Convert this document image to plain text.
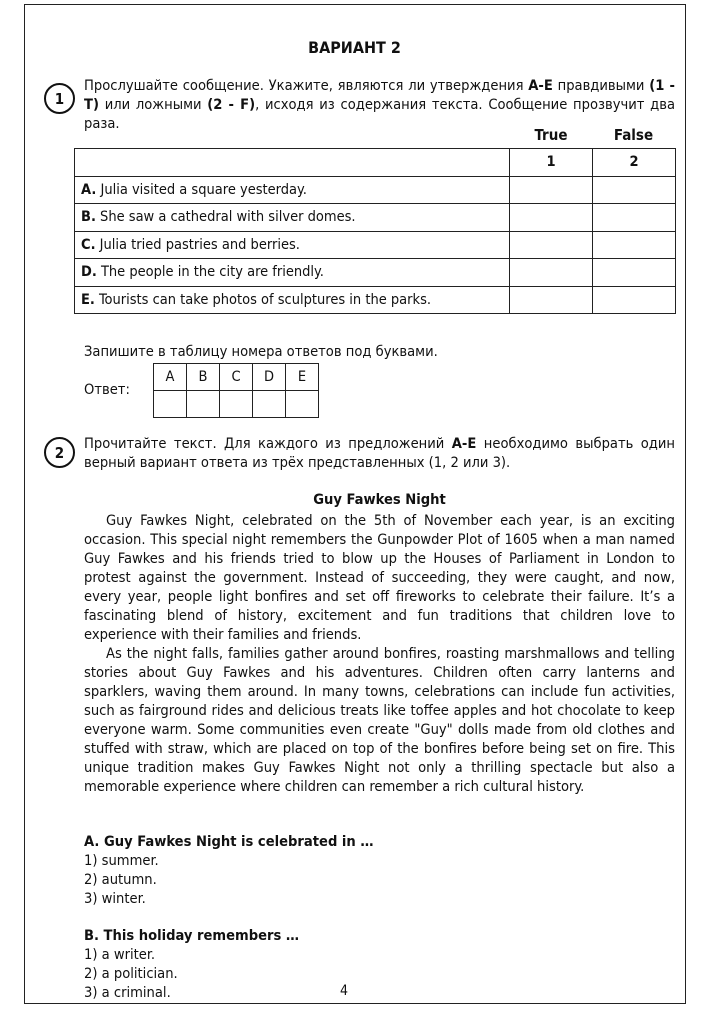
ВАРИАНТ 2
1
Прослушайте сообщение. Укажите, являются ли утверждения A-E правдивыми (1 - T) или ложными (2 - F), исходя из содержания текста. Сообщение прозвучит два раза.
True	False
	1	2
A. Julia visited a square yesterday.		
B. She saw a cathedral with silver domes.		
C. Julia tried pastries and berries.		
D. The people in the city are friendly.		
E. Tourists can take photos of sculptures in the parks.		
Запишите в таблицу номера ответов под буквами.
Ответ:
A	B	C	D	E

2	Прочитайте текст. Для каждого из предложений A-E необходимо выбрать один верный вариант ответа из трёх представленных (1, 2 или 3).
Guy Fawkes Night

Guy Fawkes Night, celebrated on the 5th of November each year, is an exciting occasion. This special night remembers the Gunpowder Plot of 1605 when a man named Guy Fawkes and his friends tried to blow up the Houses of Parliament in London to protest against the government. Instead of succeeding, they were caught, and now, every year, people light bonfires and set off fireworks to celebrate their failure. It’s a fascinating blend of history, excitement and fun traditions that children love to experience with their families and friends.

As the night falls, families gather around bonfires, roasting marshmallows and telling stories about Guy Fawkes and his adventures. Children often carry lanterns and sparklers, waving them around. In many towns, celebrations can include fun activities, such as fairground rides and delicious treats like toffee apples and hot chocolate to keep everyone warm. Some communities even create "Guy" dolls made from old clothes and stuffed with straw, which are placed on top of the bonfires before being set on fire. This unique tradition makes Guy Fawkes Night not only a thrilling spectacle but also a memorable experience where children can remember a rich cultural history.

A. Guy Fawkes Night is celebrated in …
1) summer.
2) autumn.
3) winter.
B. This holiday remembers …
1) a writer.
2) a politician.
3) a criminal.	4
